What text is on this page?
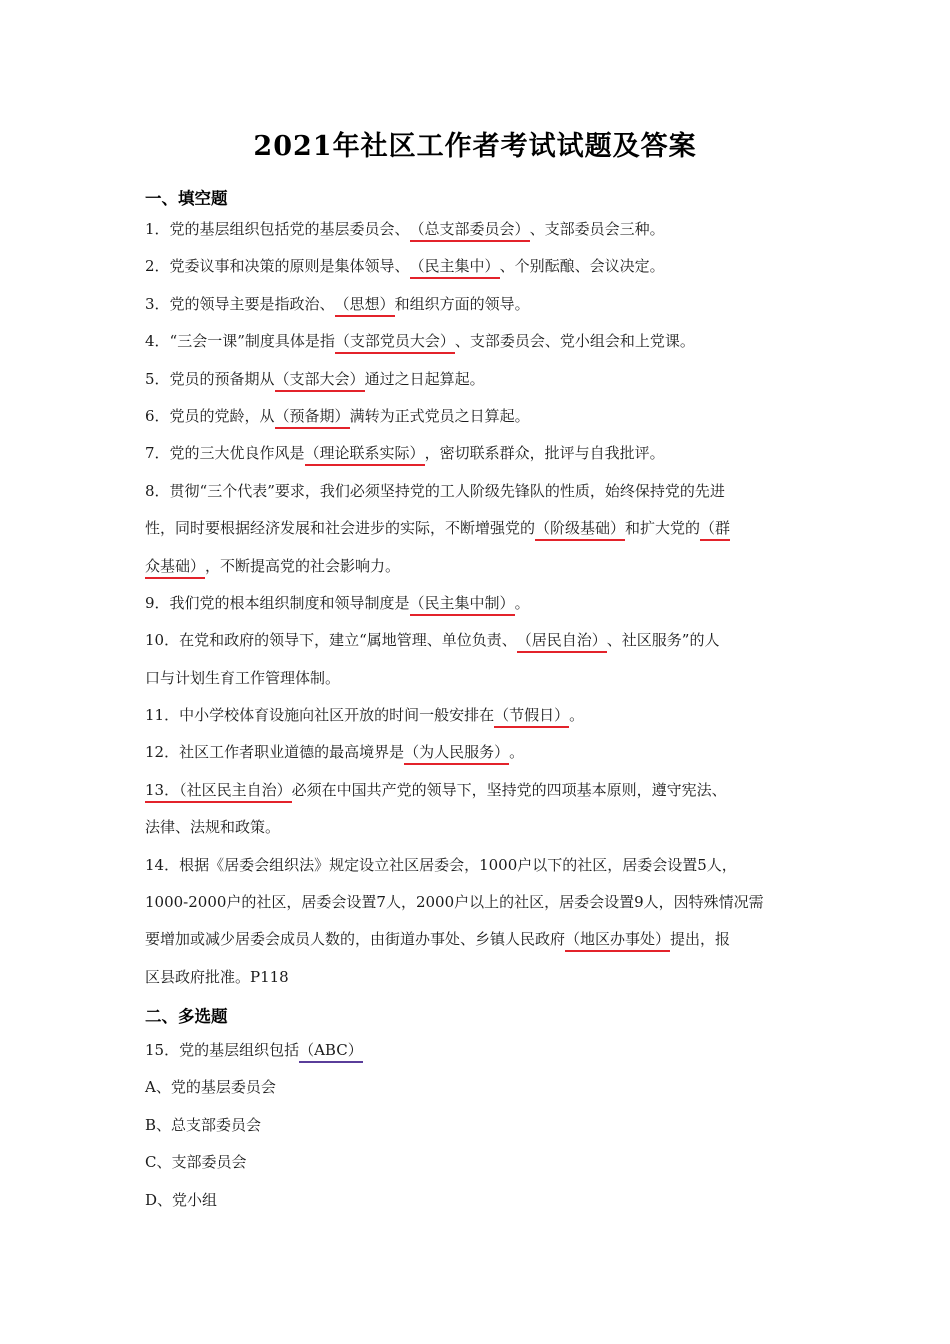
2021年社区工作者考试试题及答案
一、填空题
1．党的基层组织包括党的基层委员会、（总支部委员会）、支部委员会三种。
2．党委议事和决策的原则是集体领导、（民主集中）、个别酝酿、会议决定。
3．党的领导主要是指政治、（思想）和组织方面的领导。
4．“三会一课”制度具体是指（支部党员大会）、支部委员会、党小组会和上党课。
5．党员的预备期从（支部大会）通过之日起算起。
6．党员的党龄，从（预备期）满转为正式党员之日算起。
7．党的三大优良作风是（理论联系实际），密切联系群众，批评与自我批评。
8．贯彻“三个代表”要求，我们必须坚持党的工人阶级先锋队的性质，始终保持党的先进
性，同时要根据经济发展和社会进步的实际，不断增强党的（阶级基础）和扩大党的（群
众基础），不断提高党的社会影响力。
9．我们党的根本组织制度和领导制度是（民主集中制）。
10．在党和政府的领导下，建立“属地管理、单位负责、（居民自治）、社区服务”的人
口与计划生育工作管理体制。
11．中小学校体育设施向社区开放的时间一般安排在（节假日）。
12．社区工作者职业道德的最高境界是（为人民服务）。
13．（社区民主自治）必须在中国共产党的领导下，坚持党的四项基本原则，遵守宪法、
法律、法规和政策。
14．根据《居委会组织法》规定设立社区居委会，1000户以下的社区，居委会设置5人，
1000-2000户的社区，居委会设置7人，2000户以上的社区，居委会设置9人，因特殊情况需
要增加或减少居委会成员人数的，由街道办事处、乡镇人民政府（地区办事处）提出，报
区县政府批准。P118
二、多选题
15．党的基层组织包括（ABC）
A、党的基层委员会
B、总支部委员会
C、支部委员会
D、党小组
